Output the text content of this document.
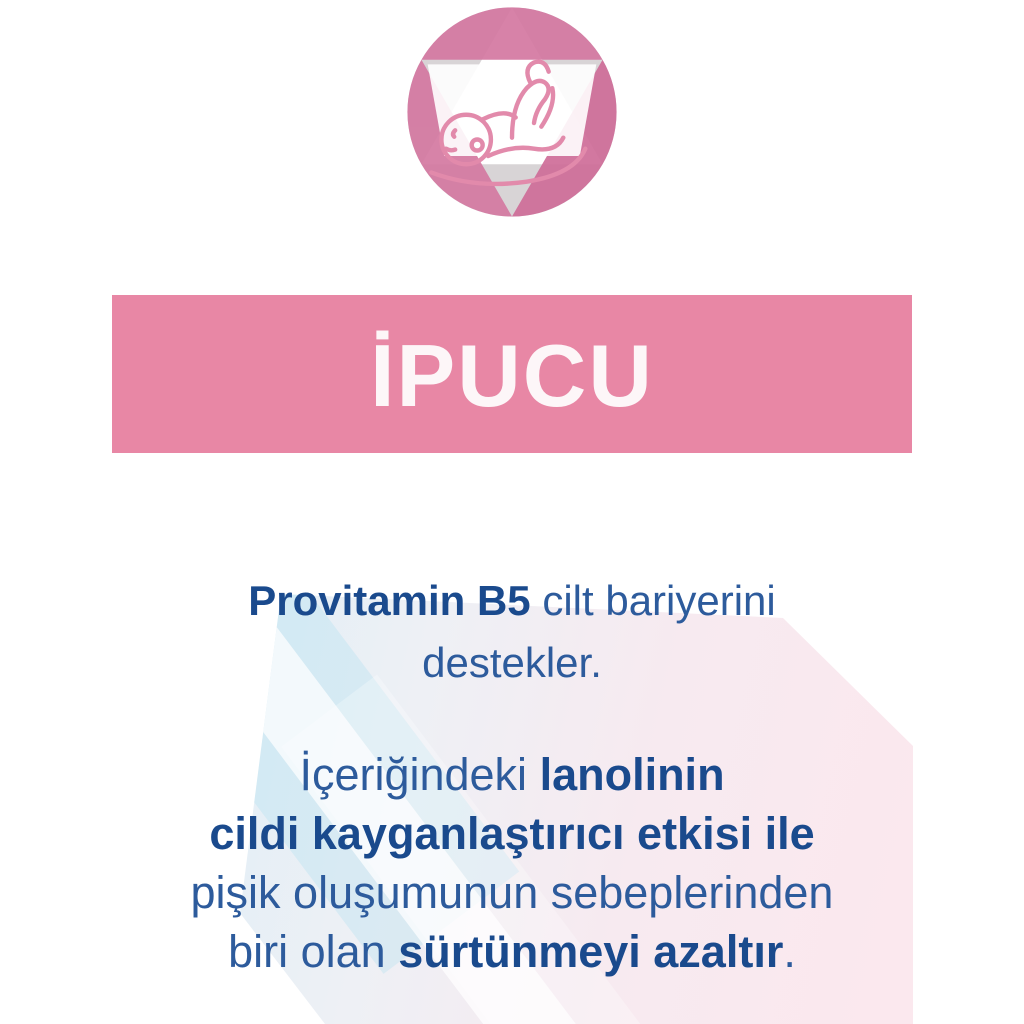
İPUCU
Provitamin B5 cilt bariyerini
destekler.
İçeriğindeki lanolinin
cildi kayganlaştırıcı etkisi ile
pişik oluşumunun sebeplerinden
biri olan sürtünmeyi azaltır.
